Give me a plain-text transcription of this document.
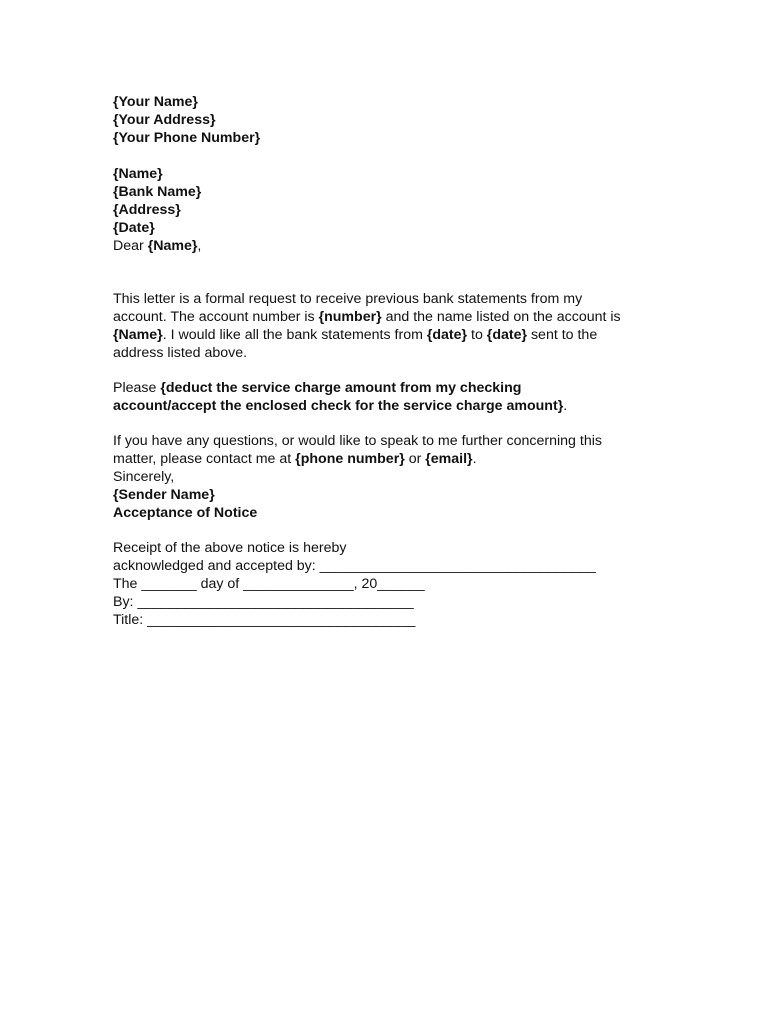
{Your Name}

{Your Address}

{Your Phone Number}

{Name}

{Bank Name}

{Address}

{Date}

Dear {Name},

This letter is a formal request to receive previous bank statements from my

account. The account number is {number} and the name listed on the account is

{Name}. I would like all the bank statements from {date} to {date} sent to the

address listed above.

Please {deduct the service charge amount from my checking

account/accept the enclosed check for the service charge amount}.

If you have any questions, or would like to speak to me further concerning this

matter, please contact me at {phone number} or {email}.

Sincerely,

{Sender Name}

Acceptance of Notice

Receipt of the above notice is hereby

acknowledged and accepted by: ___________________________________

The _______ day of ______________, 20______

By: ___________________________________

Title: __________________________________
